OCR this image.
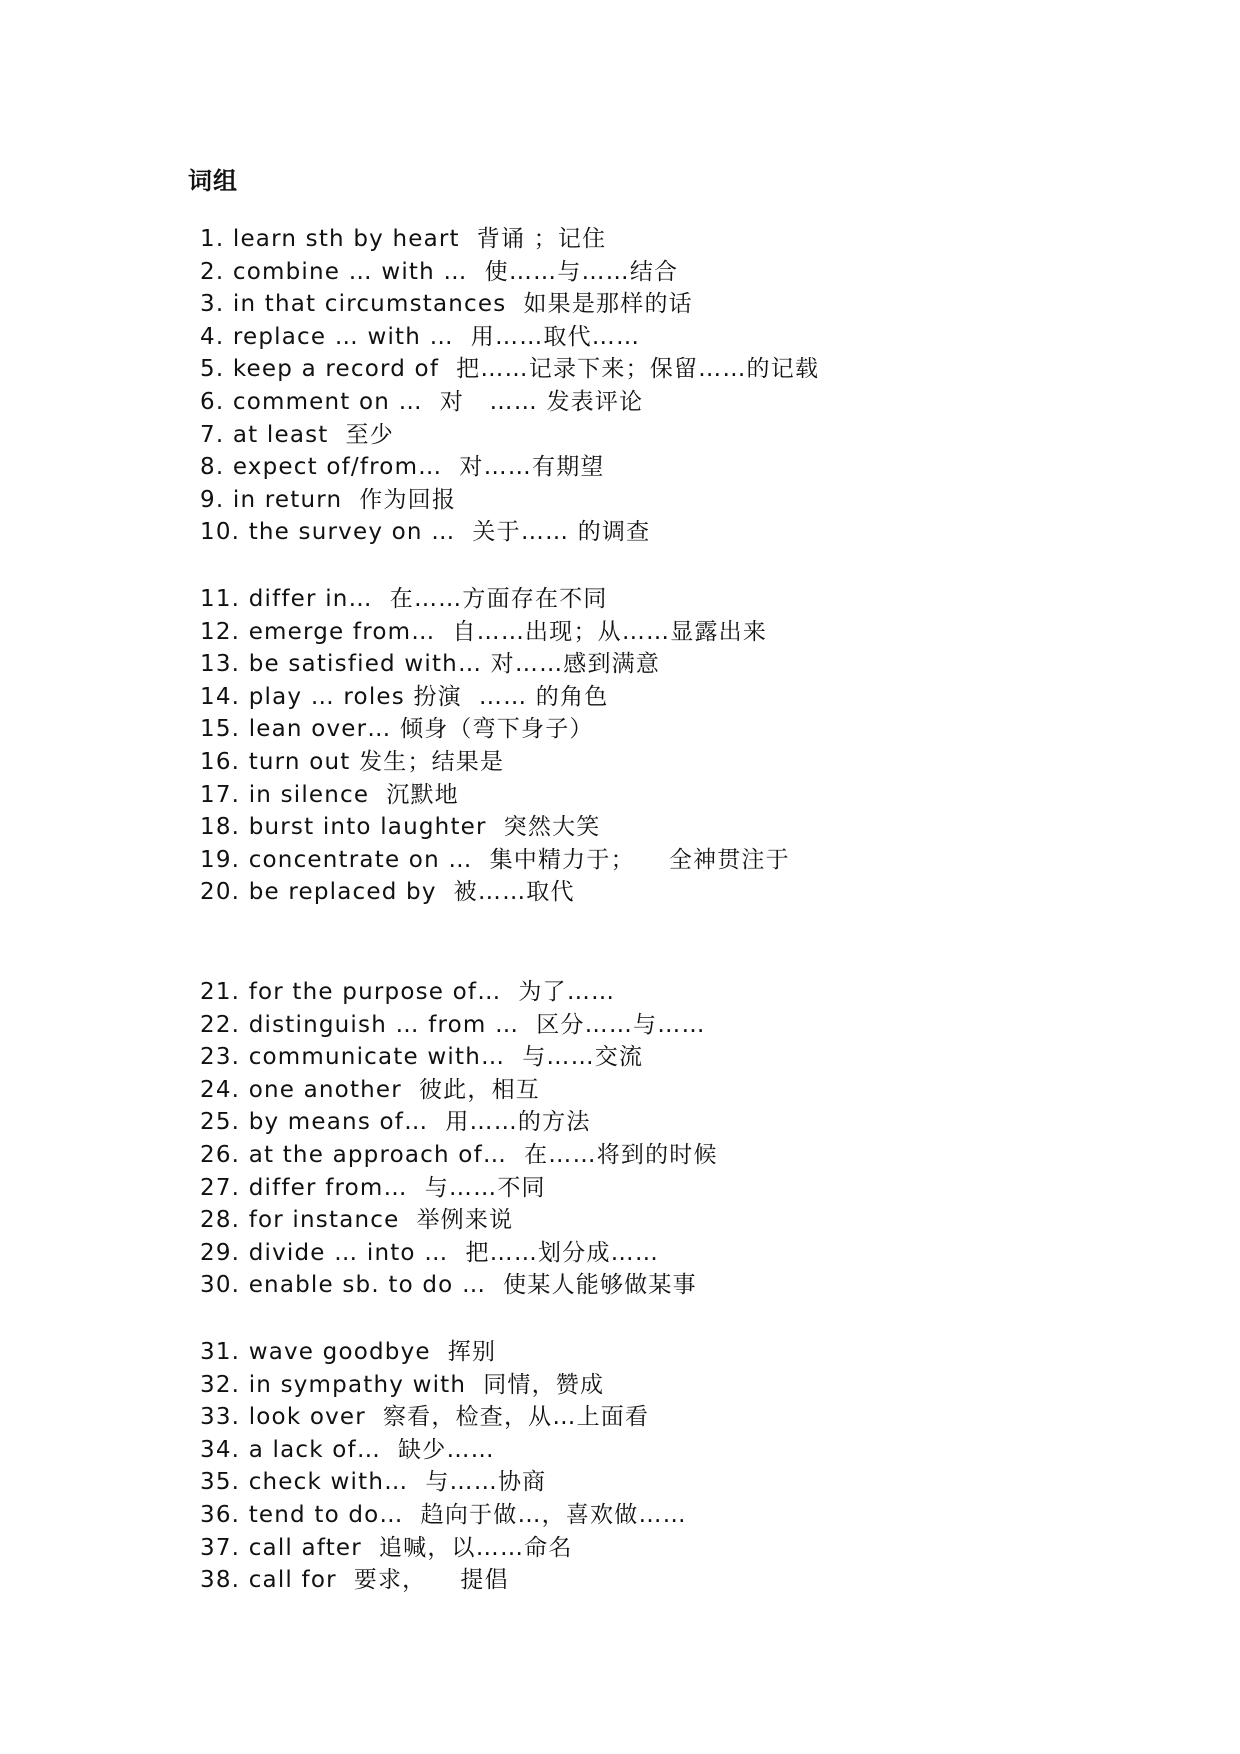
词组
1. learn sth by heart  背诵 ；记住
2. combine … with …  使……与……结合
3. in that circumstances  如果是那样的话
4. replace … with …  用……取代……
5. keep a record of  把……记录下来；保留……的记载
6. comment on …  对   …… 发表评论
7. at least  至少
8. expect of/from…  对……有期望
9. in return  作为回报
10. the survey on …  关于…… 的调查
11. differ in…  在……方面存在不同
12. emerge from…  自……出现；从……显露出来
13. be satisfied with… 对……感到满意
14. play … roles 扮演  …… 的角色
15. lean over… 倾身（弯下身子）
16. turn out 发生；结果是
17. in silence  沉默地
18. burst into laughter  突然大笑
19. concentrate on …  集中精力于；    全神贯注于
20. be replaced by  被……取代
21. for the purpose of…  为了……
22. distinguish … from …  区分……与……
23. communicate with…  与……交流
24. one another  彼此，相互
25. by means of…  用……的方法
26. at the approach of…  在……将到的时候
27. differ from…  与……不同
28. for instance  举例来说
29. divide … into …  把……划分成……
30. enable sb. to do …  使某人能够做某事
31. wave goodbye  挥别
32. in sympathy with  同情，赞成
33. look over  察看，检查，从…上面看
34. a lack of…  缺少……
35. check with…  与……协商
36. tend to do…  趋向于做…，喜欢做……
37. call after  追喊，以……命名
38. call for  要求，    提倡
